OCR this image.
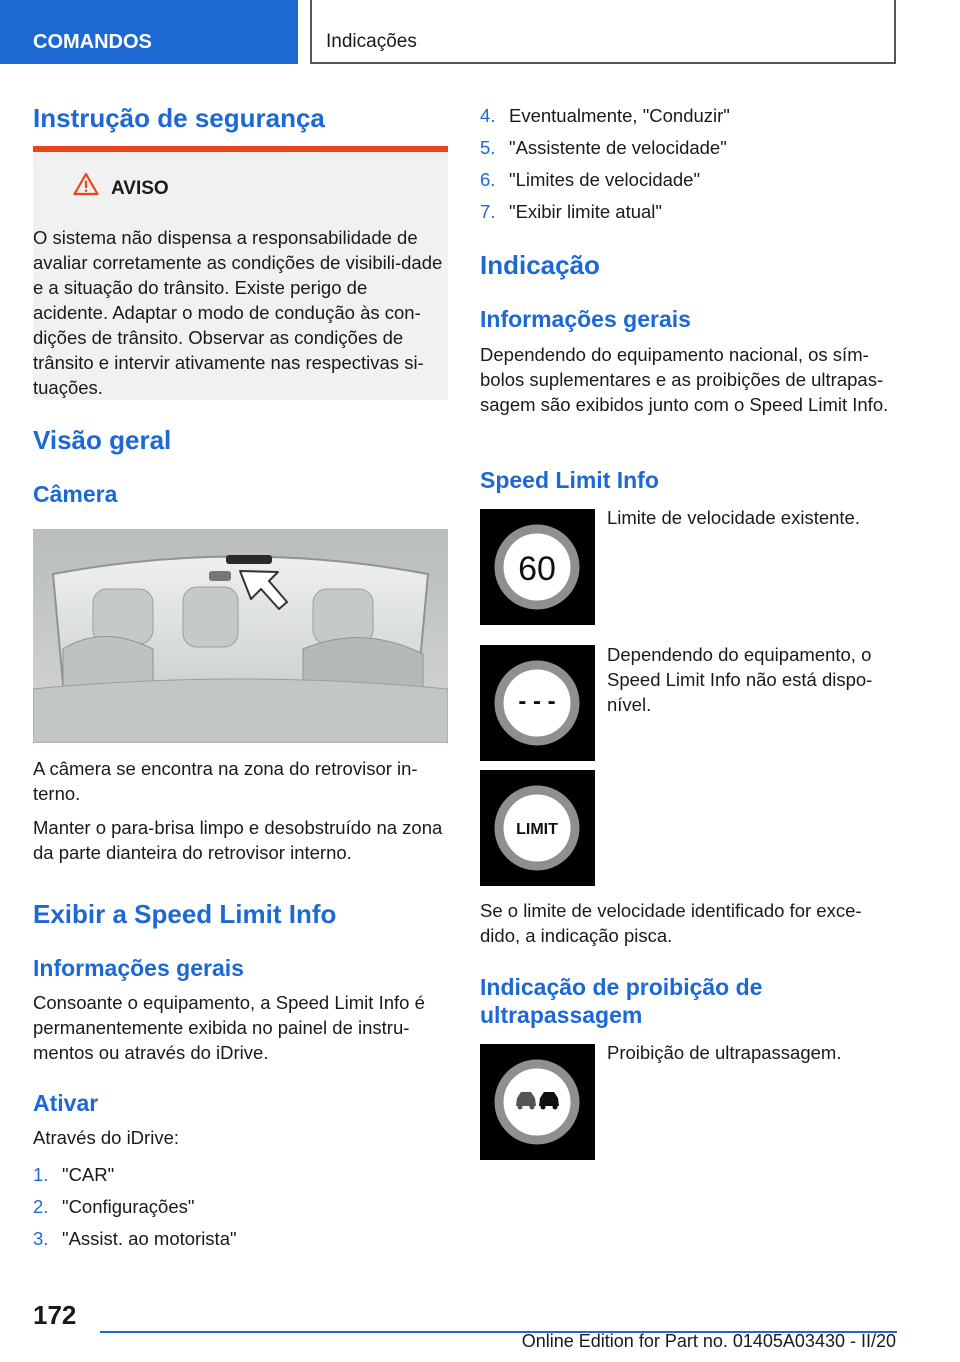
COMANDOS	Indicações
Instrução de segurança
AVISO

O sistema não dispensa a responsabilidade de avaliar corretamente as condições de visibili-dade e a situação do trânsito. Existe perigo de acidente. Adaptar o modo de condução às con-dições de trânsito. Observar as condições de trânsito e intervir ativamente nas respectivas si-tuações.

Visão geral
Câmera

A câmera se encontra na zona do retrovisor in-terno.

Manter o para-brisa limpo e desobstruído na zona da parte dianteira do retrovisor interno.

Exibir a Speed Limit Info
Informações gerais

Consoante o equipamento, a Speed Limit Info é permanentemente exibida no painel de instru-mentos ou através do iDrive.

Ativar

Através do iDrive:

1. "CAR"
2. "Configurações"
3. "Assist. ao motorista"
4. Eventualmente, "Conduzir"
5. "Assistente de velocidade"
6. "Limites de velocidade"
7. "Exibir limite atual"
Indicação
Informações gerais

Dependendo do equipamento nacional, os sím-bolos suplementares e as proibições de ultrapas-sagem são exibidos junto com o Speed Limit Info.

Speed Limit Info
60

Limite de velocidade existente.

- - -

Dependendo do equipamento, o Speed Limit Info não está dispo-nível.

LIMIT

Se o limite de velocidade identificado for exce-dido, a indicação pisca.

Indicação de proibição de ultrapassagem

Proibição de ultrapassagem.

172
Online Edition for Part no. 01405A03430 - II/20
